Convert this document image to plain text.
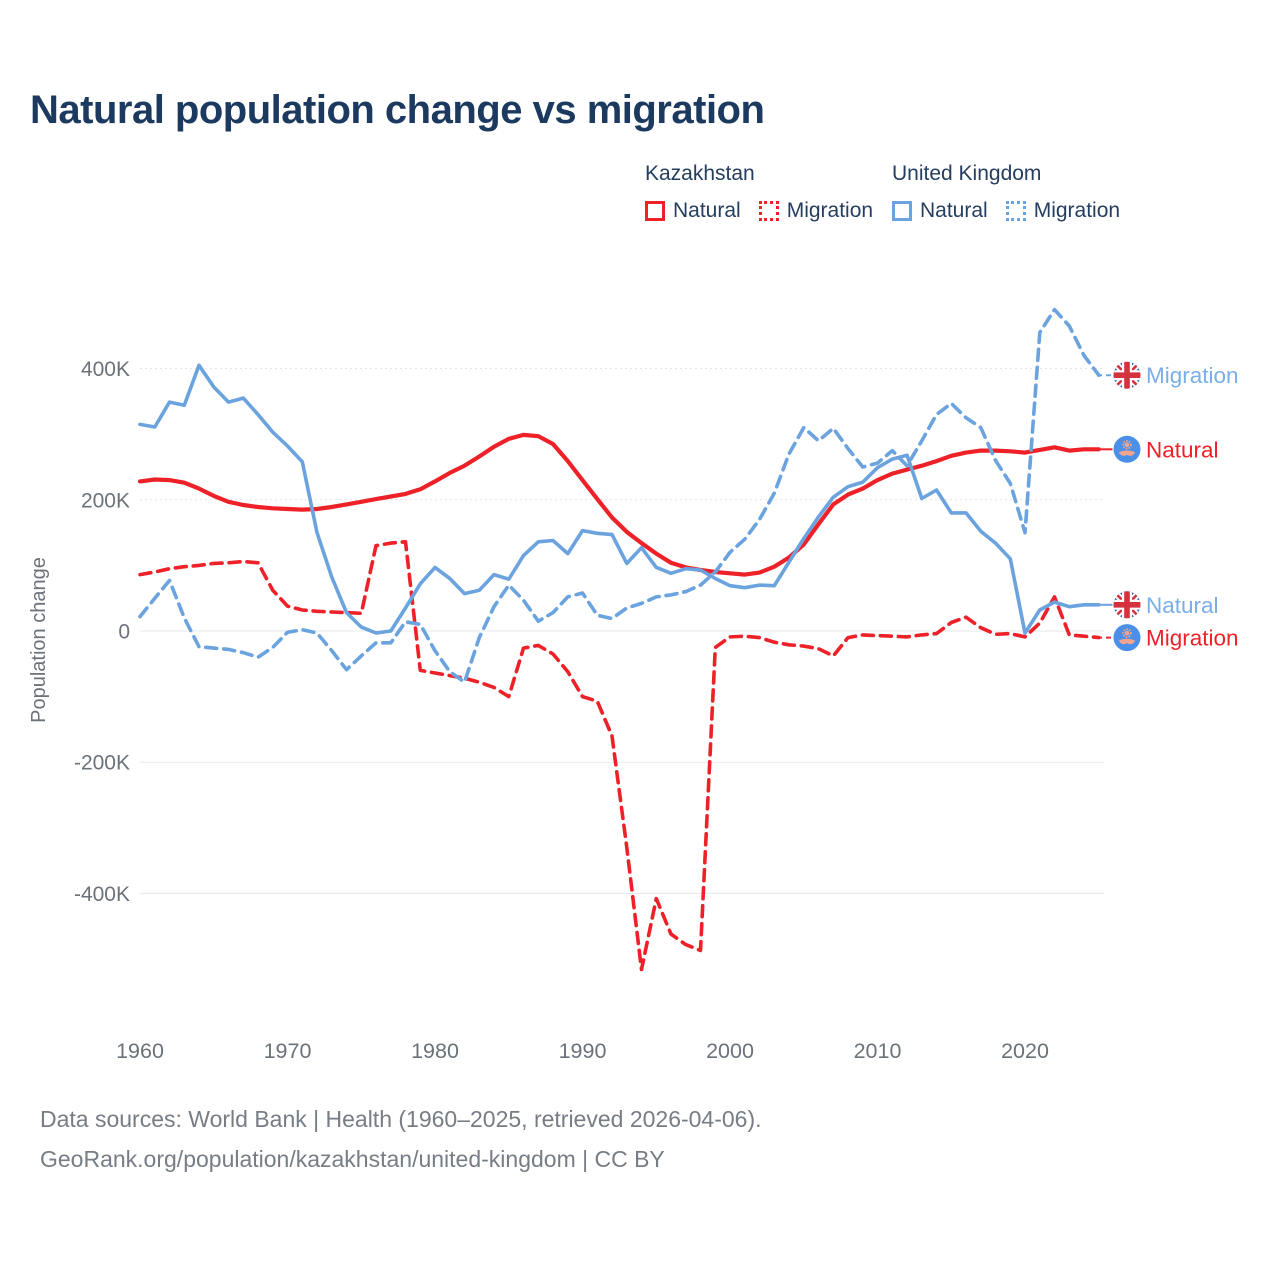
Natural population change vs migration

Kazakhstan

Natural Migration

United Kingdom

Natural Migration
400K
200K
0
-200K
-400K
1960	1970	1980	1990	2000	2010	2020
Population change
Migration
Natural
Natural
Migration
Data sources: World Bank | Health (1960–2025, retrieved 2026-04-06).
GeoRank.org/population/kazakhstan/united-kingdom | CC BY
